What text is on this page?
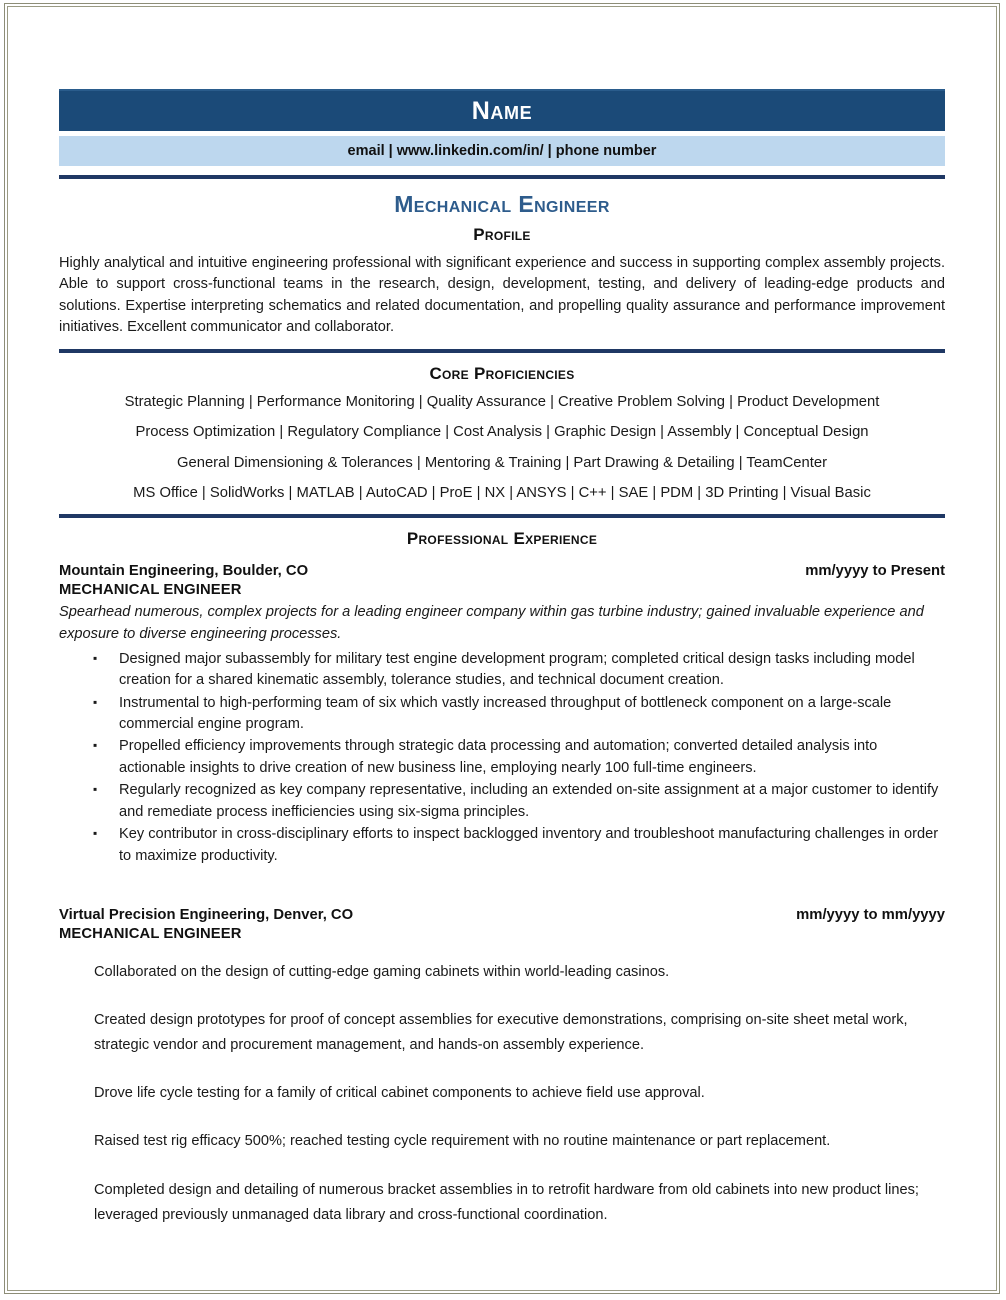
Name
email | www.linkedin.com/in/ | phone number
Mechanical Engineer
Profile
Highly analytical and intuitive engineering professional with significant experience and success in supporting complex assembly projects. Able to support cross-functional teams in the research, design, development, testing, and delivery of leading-edge products and solutions. Expertise interpreting schematics and related documentation, and propelling quality assurance and performance improvement initiatives. Excellent communicator and collaborator.
Core Proficiencies
Strategic Planning | Performance Monitoring | Quality Assurance | Creative Problem Solving | Product Development
Process Optimization | Regulatory Compliance | Cost Analysis | Graphic Design | Assembly | Conceptual Design
General Dimensioning & Tolerances | Mentoring & Training | Part Drawing & Detailing | TeamCenter
MS Office | SolidWorks | MATLAB | AutoCAD | ProE | NX | ANSYS | C++ | SAE | PDM | 3D Printing | Visual Basic
Professional Experience
Mountain Engineering, Boulder, CO	mm/yyyy to Present
MECHANICAL ENGINEER
Spearhead numerous, complex projects for a leading engineer company within gas turbine industry; gained invaluable experience and exposure to diverse engineering processes.
▪ Designed major subassembly for military test engine development program; completed critical design tasks including model creation for a shared kinematic assembly, tolerance studies, and technical document creation.
▪ Instrumental to high-performing team of six which vastly increased throughput of bottleneck component on a large-scale commercial engine program.
▪ Propelled efficiency improvements through strategic data processing and automation; converted detailed analysis into actionable insights to drive creation of new business line, employing nearly 100 full-time engineers.
▪ Regularly recognized as key company representative, including an extended on-site assignment at a major customer to identify and remediate process inefficiencies using six-sigma principles.
▪ Key contributor in cross-disciplinary efforts to inspect backlogged inventory and troubleshoot manufacturing challenges in order to maximize productivity.
Virtual Precision Engineering, Denver, CO	mm/yyyy to mm/yyyy
MECHANICAL ENGINEER

Collaborated on the design of cutting-edge gaming cabinets within world-leading casinos.

Created design prototypes for proof of concept assemblies for executive demonstrations, comprising on-site sheet metal work, strategic vendor and procurement management, and hands-on assembly experience.

Drove life cycle testing for a family of critical cabinet components to achieve field use approval.

Raised test rig efficacy 500%; reached testing cycle requirement with no routine maintenance or part replacement.

Completed design and detailing of numerous bracket assemblies in to retrofit hardware from old cabinets into new product lines; leveraged previously unmanaged data library and cross-functional coordination.
